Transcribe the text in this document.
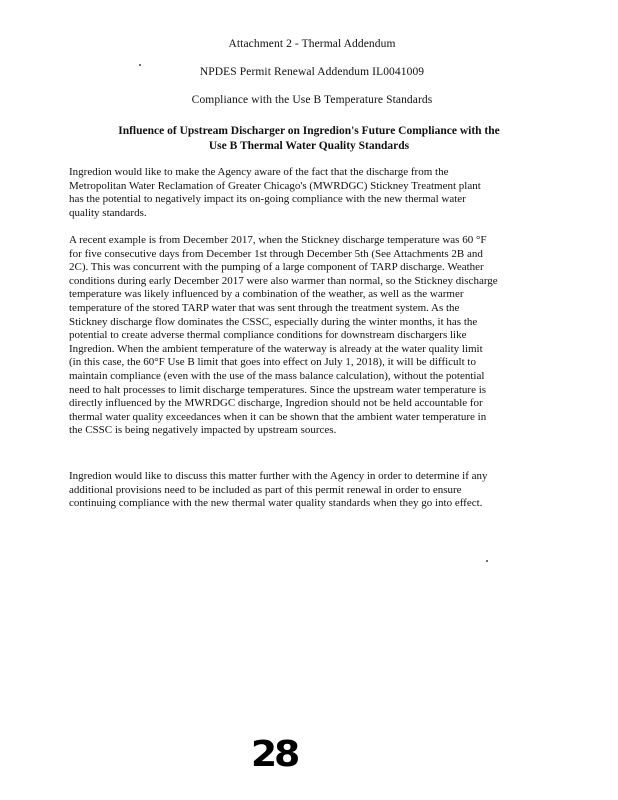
Attachment 2 - Thermal Addendum
NPDES Permit Renewal Addendum IL0041009
Compliance with the Use B Temperature Standards
Influence of Upstream Discharger on Ingredion's Future Compliance with the
Use B Thermal Water Quality Standards
Ingredion would like to make the Agency aware of the fact that the discharge from the
Metropolitan Water Reclamation of Greater Chicago's (MWRDGC) Stickney Treatment plant
has the potential to negatively impact its on-going compliance with the new thermal water
quality standards.
A recent example is from December 2017, when the Stickney discharge temperature was 60 °F
for five consecutive days from December 1st through December 5th (See Attachments 2B and
2C). This was concurrent with the pumping of a large component of TARP discharge. Weather
conditions during early December 2017 were also warmer than normal, so the Stickney discharge
temperature was likely influenced by a combination of the weather, as well as the warmer
temperature of the stored TARP water that was sent through the treatment system. As the
Stickney discharge flow dominates the CSSC, especially during the winter months, it has the
potential to create adverse thermal compliance conditions for downstream dischargers like
Ingredion. When the ambient temperature of the waterway is already at the water quality limit
(in this case, the 60°F Use B limit that goes into effect on July 1, 2018), it will be difficult to
maintain compliance (even with the use of the mass balance calculation), without the potential
need to halt processes to limit discharge temperatures. Since the upstream water temperature is
directly influenced by the MWRDGC discharge, Ingredion should not be held accountable for
thermal water quality exceedances when it can be shown that the ambient water temperature in
the CSSC is being negatively impacted by upstream sources.
Ingredion would like to discuss this matter further with the Agency in order to determine if any
additional provisions need to be included as part of this permit renewal in order to ensure
continuing compliance with the new thermal water quality standards when they go into effect.
28
